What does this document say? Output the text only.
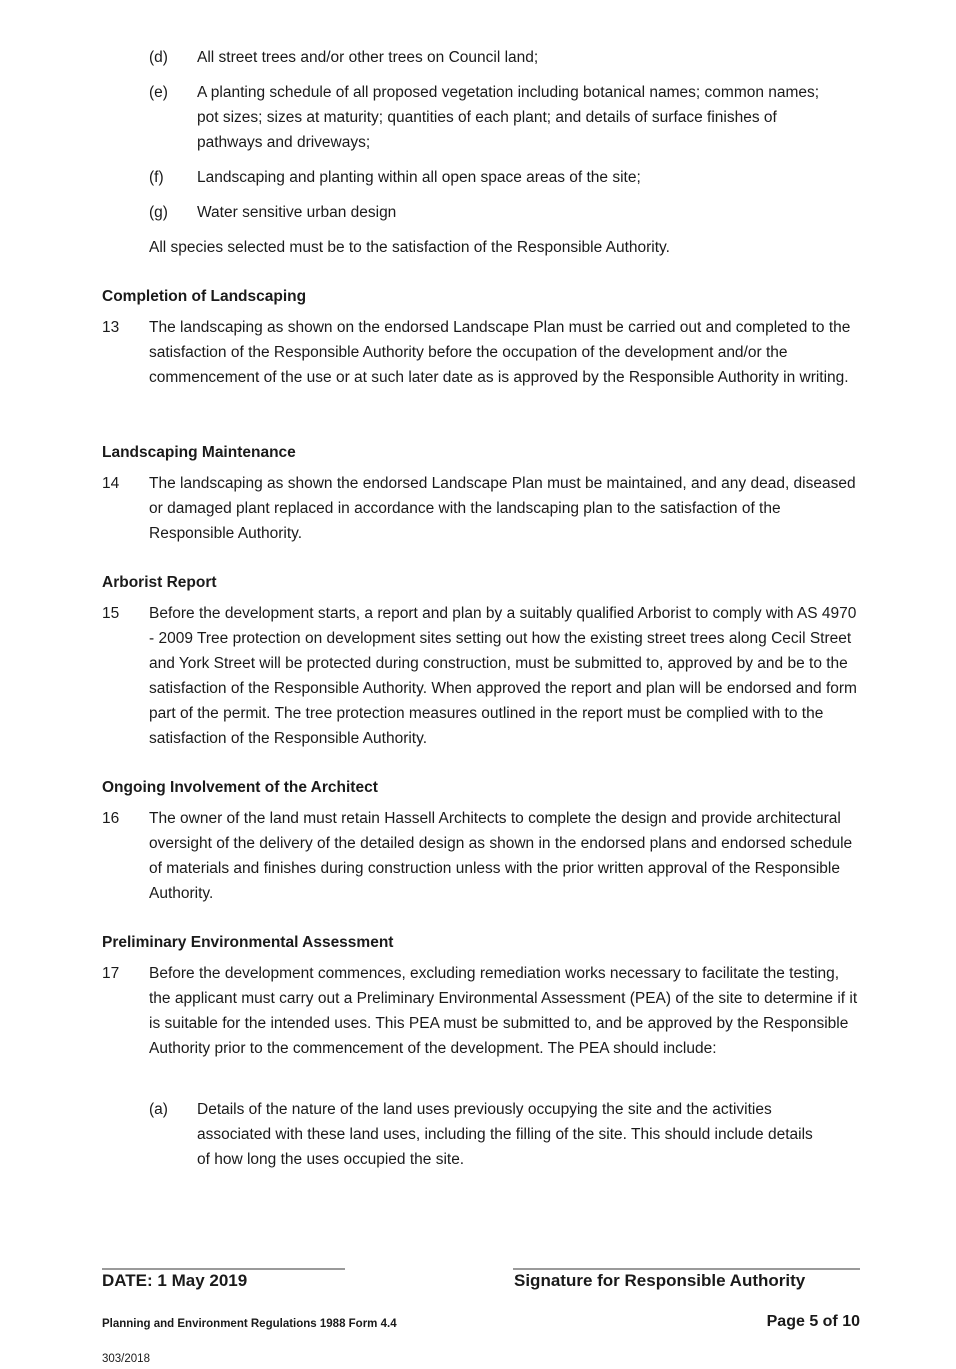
(d) All street trees and/or other trees on Council land;
(e) A planting schedule of all proposed vegetation including botanical names; common names; pot sizes; sizes at maturity; quantities of each plant; and details of surface finishes of pathways and driveways;
(f) Landscaping and planting within all open space areas of the site;
(g) Water sensitive urban design
All species selected must be to the satisfaction of the Responsible Authority.
Completion of Landscaping
13 The landscaping as shown on the endorsed Landscape Plan must be carried out and completed to the satisfaction of the Responsible Authority before the occupation of the development and/or the commencement of the use or at such later date as is approved by the Responsible Authority in writing.
Landscaping Maintenance
14 The landscaping as shown the endorsed Landscape Plan must be maintained, and any dead, diseased or damaged plant replaced in accordance with the landscaping plan to the satisfaction of the Responsible Authority.
Arborist Report
15 Before the development starts, a report and plan by a suitably qualified Arborist to comply with AS 4970 - 2009 Tree protection on development sites setting out how the existing street trees along Cecil Street and York Street will be protected during construction, must be submitted to, approved by and be to the satisfaction of the Responsible Authority. When approved the report and plan will be endorsed and form part of the permit. The tree protection measures outlined in the report must be complied with to the satisfaction of the Responsible Authority.
Ongoing Involvement of the Architect
16 The owner of the land must retain Hassell Architects to complete the design and provide architectural oversight of the delivery of the detailed design as shown in the endorsed plans and endorsed schedule of materials and finishes during construction unless with the prior written approval of the Responsible Authority.
Preliminary Environmental Assessment
17 Before the development commences, excluding remediation works necessary to facilitate the testing, the applicant must carry out a Preliminary Environmental Assessment (PEA) of the site to determine if it is suitable for the intended uses. This PEA must be submitted to, and be approved by the Responsible Authority prior to the commencement of the development. The PEA should include:
(a) Details of the nature of the land uses previously occupying the site and the activities associated with these land uses, including the filling of the site. This should include details of how long the uses occupied the site.
DATE: 1 May 2019	Signature for Responsible Authority
Planning and Environment Regulations 1988 Form 4.4	Page 5 of 10
303/2018
